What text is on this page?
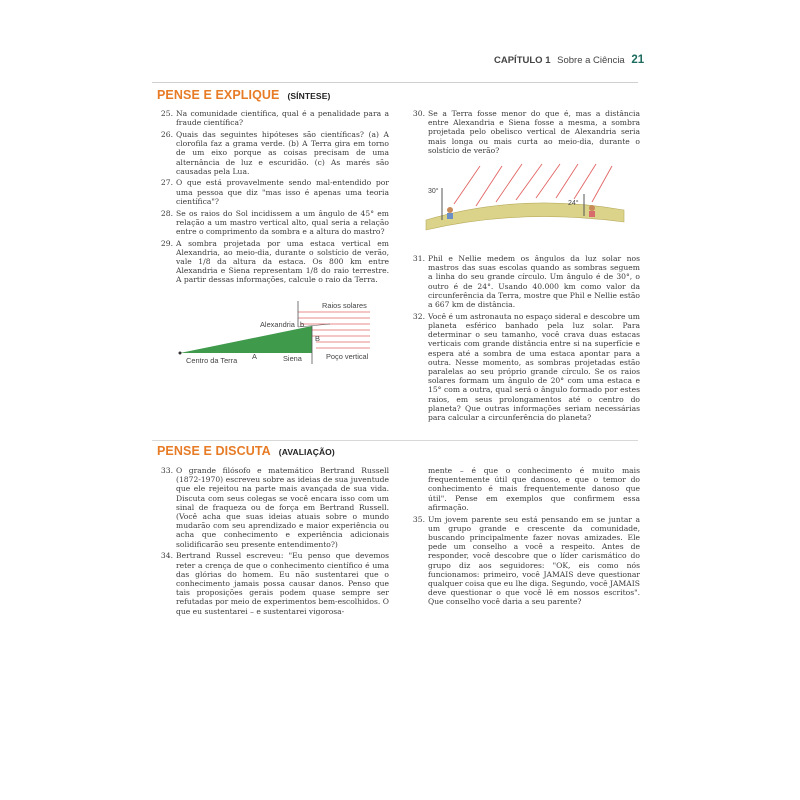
CAPÍTULO 1 Sobre a Ciência 21
PENSE E EXPLIQUE (SÍNTESE)
25. Na comunidade científica, qual é a penalidade para a fraude científica?
26. Quais das seguintes hipóteses são científicas? (a) A clorofila faz a grama verde. (b) A Terra gira em torno de um eixo porque as coisas precisam de uma alternância de luz e escuridão. (c) As marés são causadas pela Lua.
27. O que está provavelmente sendo mal-entendido por uma pessoa que diz "mas isso é apenas uma teoria científica"?
28. Se os raios do Sol incidissem a um ângulo de 45° em relação a um mastro vertical alto, qual seria a relação entre o comprimento da sombra e a altura do mastro?
29. A sombra projetada por uma estaca vertical em Alexandria, ao meio-dia, durante o solstício de verão, vale 1/8 da altura da estaca. Os 800 km entre Alexandria e Siena representam 1/8 do raio terrestre. A partir dessas informações, calcule o raio da Terra.
Raios solares
Alexandria b
B
Centro da Terra A	Siena	Poço vertical
30. Se a Terra fosse menor do que é, mas a distância entre Alexandria e Siena fosse a mesma, a sombra projetada pelo obelisco vertical de Alexandria seria mais longa ou mais curta ao meio-dia, durante o solstício de verão?
30°
24°
31. Phil e Nellie medem os ângulos da luz solar nos mastros das suas escolas quando as sombras seguem a linha do seu grande círculo. Um ângulo é de 30°, o outro é de 24°. Usando 40.000 km como valor da circunferência da Terra, mostre que Phil e Nellie estão a 667 km de distância.
32. Você é um astronauta no espaço sideral e descobre um planeta esférico banhado pela luz solar. Para determinar o seu tamanho, você crava duas estacas verticais com grande distância entre si na superfície e espera até a sombra de uma estaca apontar para a outra. Nesse momento, as sombras projetadas estão paralelas ao seu próprio grande círculo. Se os raios solares formam um ângulo de 20° com uma estaca e 15° com a outra, qual será o ângulo formado por estes raios, em seus prolongamentos até o centro do planeta? Que outras informações seriam necessárias para calcular a circunferência do planeta?
PENSE E DISCUTA (AVALIAÇÃO)
33. O grande filósofo e matemático Bertrand Russell (1872-1970) escreveu sobre as ideias de sua juventude que ele rejeitou na parte mais avançada de sua vida. Discuta com seus colegas se você encara isso com um sinal de fraqueza ou de força em Bertrand Russell. (Você acha que suas ideias atuais sobre o mundo mudarão com seu aprendizado e maior experiência ou acha que conhecimento e experiência adicionais solidificarão seu presente entendimento?)
34. Bertrand Russel escreveu: "Eu penso que devemos reter a crença de que o conhecimento científico é uma das glórias do homem. Eu não sustentarei que o conhecimento jamais possa causar danos. Penso que tais proposições gerais podem quase sempre ser refutadas por meio de experimentos bem-escolhidos. O que eu sustentarei – e sustentarei vigorosa-
mente – é que o conhecimento é muito mais frequentemente útil que danoso, e que o temor do conhecimento é mais frequentemente danoso que útil". Pense em exemplos que confirmem essa afirmação.
35. Um jovem parente seu está pensando em se juntar a um grupo grande e crescente da comunidade, buscando principalmente fazer novas amizades. Ele pede um conselho a você a respeito. Antes de responder, você descobre que o líder carismático do grupo diz aos seguidores: "OK, eis como nós funcionamos: primeiro, você JAMAIS deve questionar qualquer coisa que eu lhe diga. Segundo, você JAMAIS deve questionar o que você lê em nossos escritos". Que conselho você daria a seu parente?
